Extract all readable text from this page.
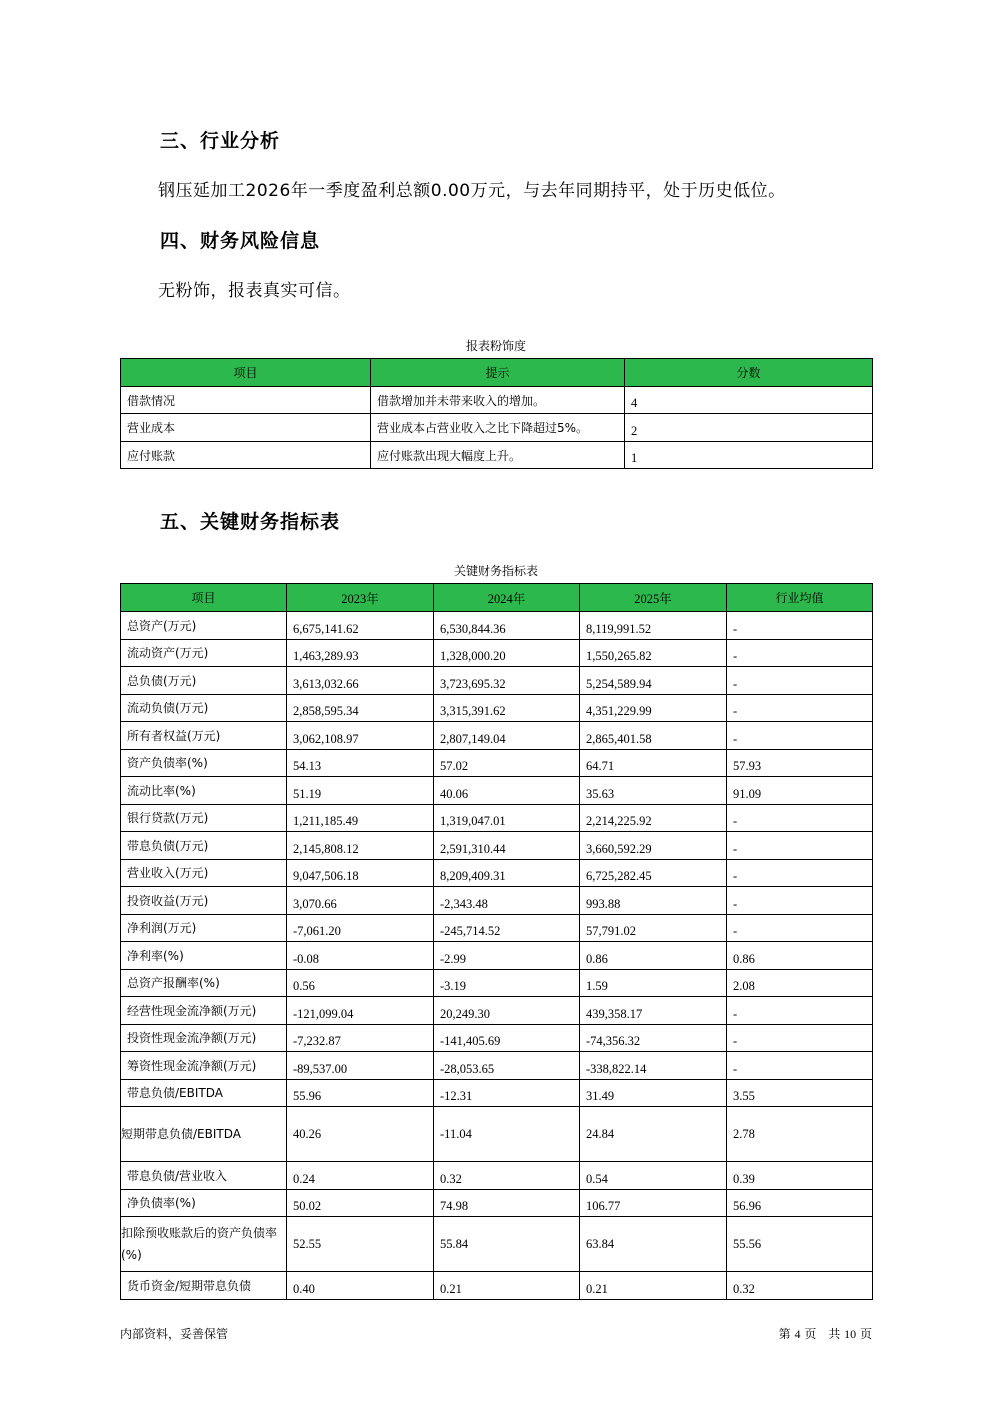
三、行业分析
钢压延加工2026年一季度盈利总额0.00万元，与去年同期持平，处于历史低位。
四、财务风险信息
无粉饰，报表真实可信。
报表粉饰度
项目	提示	分数
借款情况	借款增加并未带来收入的增加。	4
营业成本	营业成本占营业收入之比下降超过5%。	2
应付账款	应付账款出现大幅度上升。	1
五、关键财务指标表
关键财务指标表
项目	2023年	2024年	2025年	行业均值
总资产(万元)	6,675,141.62	6,530,844.36	8,119,991.52	-
流动资产(万元)	1,463,289.93	1,328,000.20	1,550,265.82	-
总负债(万元)	3,613,032.66	3,723,695.32	5,254,589.94	-
流动负债(万元)	2,858,595.34	3,315,391.62	4,351,229.99	-
所有者权益(万元)	3,062,108.97	2,807,149.04	2,865,401.58	-
资产负债率(%)	54.13	57.02	64.71	57.93
流动比率(%)	51.19	40.06	35.63	91.09
银行贷款(万元)	1,211,185.49	1,319,047.01	2,214,225.92	-
带息负债(万元)	2,145,808.12	2,591,310.44	3,660,592.29	-
营业收入(万元)	9,047,506.18	8,209,409.31	6,725,282.45	-
投资收益(万元)	3,070.66	-2,343.48	993.88	-
净利润(万元)	-7,061.20	-245,714.52	57,791.02	-
净利率(%)	-0.08	-2.99	0.86	0.86
总资产报酬率(%)	0.56	-3.19	1.59	2.08
经营性现金流净额(万元)	-121,099.04	20,249.30	439,358.17	-
投资性现金流净额(万元)	-7,232.87	-141,405.69	-74,356.32	-
筹资性现金流净额(万元)	-89,537.00	-28,053.65	-338,822.14	-
带息负债/EBITDA	55.96	-12.31	31.49	3.55
短期带息负债/EBITDA	40.26	-11.04	24.84	2.78
带息负债/营业收入	0.24	0.32	0.54	0.39
净负债率(%)	50.02	74.98	106.77	56.96
扣除预收账款后的资产负债率(%)	52.55	55.84	63.84	55.56
货币资金/短期带息负债	0.40	0.21	0.21	0.32
内部资料，妥善保管	第 4 页　共 10 页
